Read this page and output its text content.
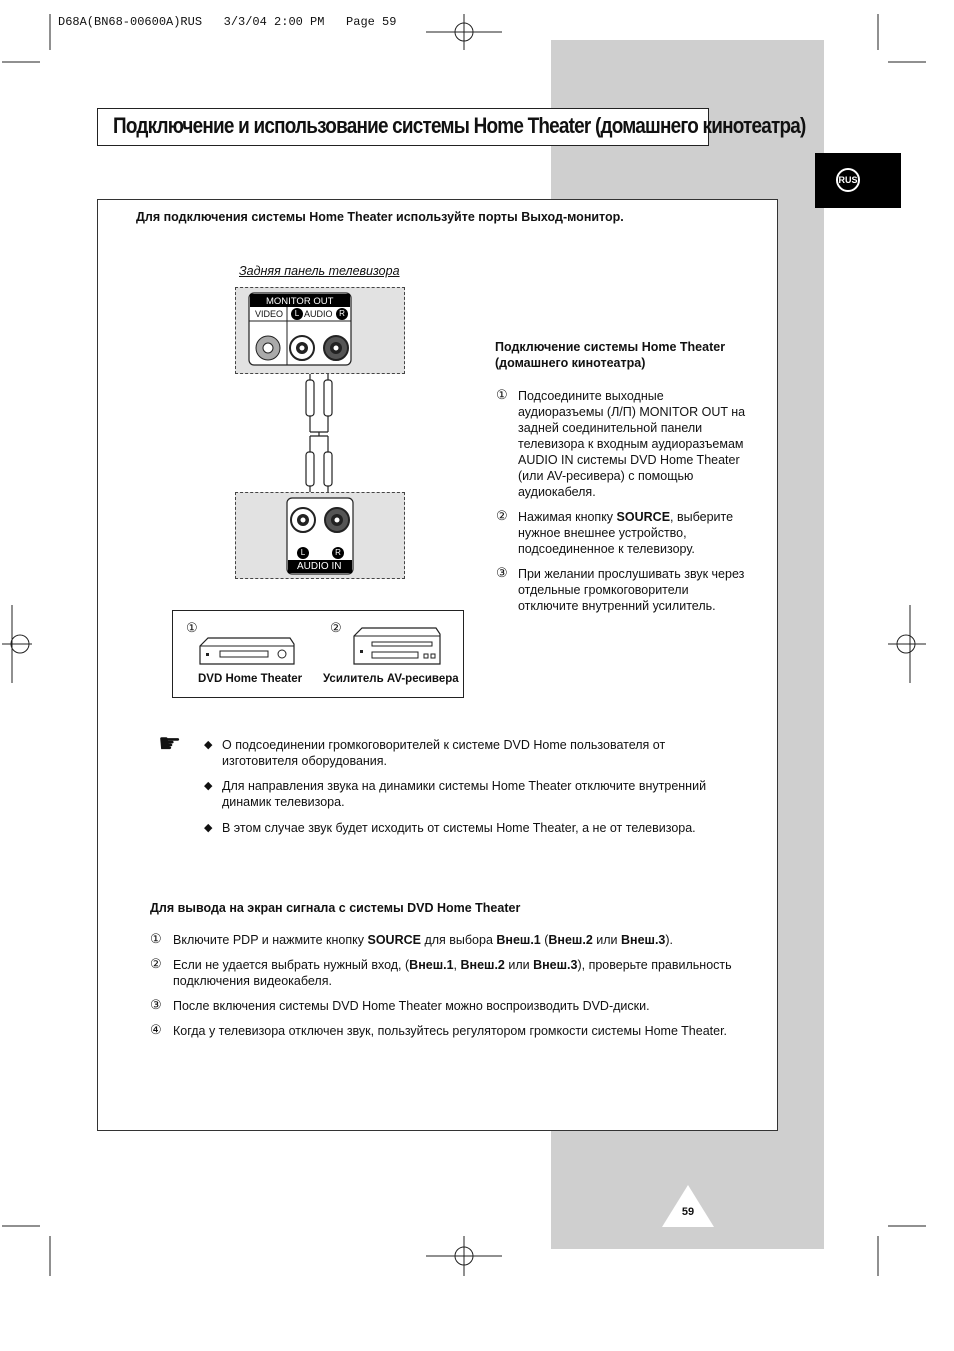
D68A(BN68-00600A)RUS   3/3/04 2:00 PM   Page 59
Подключение и использование системы Home Theater (домашнего кинотеатра)
RUS
Для подключения системы Home Theater используйте порты Выход-монитор.
Задняя панель телевизора
MONITOR OUT
VIDEO	L AUDIO R
L	R
AUDIO IN
①	②
DVD Home Theater Усилитель AV-ресивера
Подключение системы Home Theater
(домашнего кинотеатра)
① Подсоедините выходные
аудиоразъемы (Л/П) MONITOR OUT на
задней соединительной панели
телевизора к входным аудиоразъемам
AUDIO IN системы DVD Home Theater
(или AV-ресивера) с помощью
аудиокабеля.
② Нажимая кнопку SOURCE, выберите
нужное внешнее устройство,
подсоединенное к телевизору.
③ При желании прослушивать звук через
отдельные громкоговорители
отключите внутренний усилитель.
☛ ◆ О подсоединении громкоговорителей к системе DVD Home пользователя от
изготовителя оборудования.
◆ Для направления звука на динамики системы Home Theater отключите внутренний
динамик телевизора.
◆ В этом случае звук будет исходить от системы Home Theater, а не от телевизора.
Для вывода на экран сигнала с системы DVD Home Theater
① Включите PDP и нажмите кнопку SOURCE для выбора Внеш.1 (Внеш.2 или Внеш.3).
② Если не удается выбрать нужный вход, (Внеш.1, Внеш.2 или Внеш.3), проверьте правильность
подключения видеокабеля.
③ После включения системы DVD Home Theater можно воспроизводить DVD-диски.
④ Когда у телевизора отключен звук, пользуйтесь регулятором громкости системы Home Theater.
59
